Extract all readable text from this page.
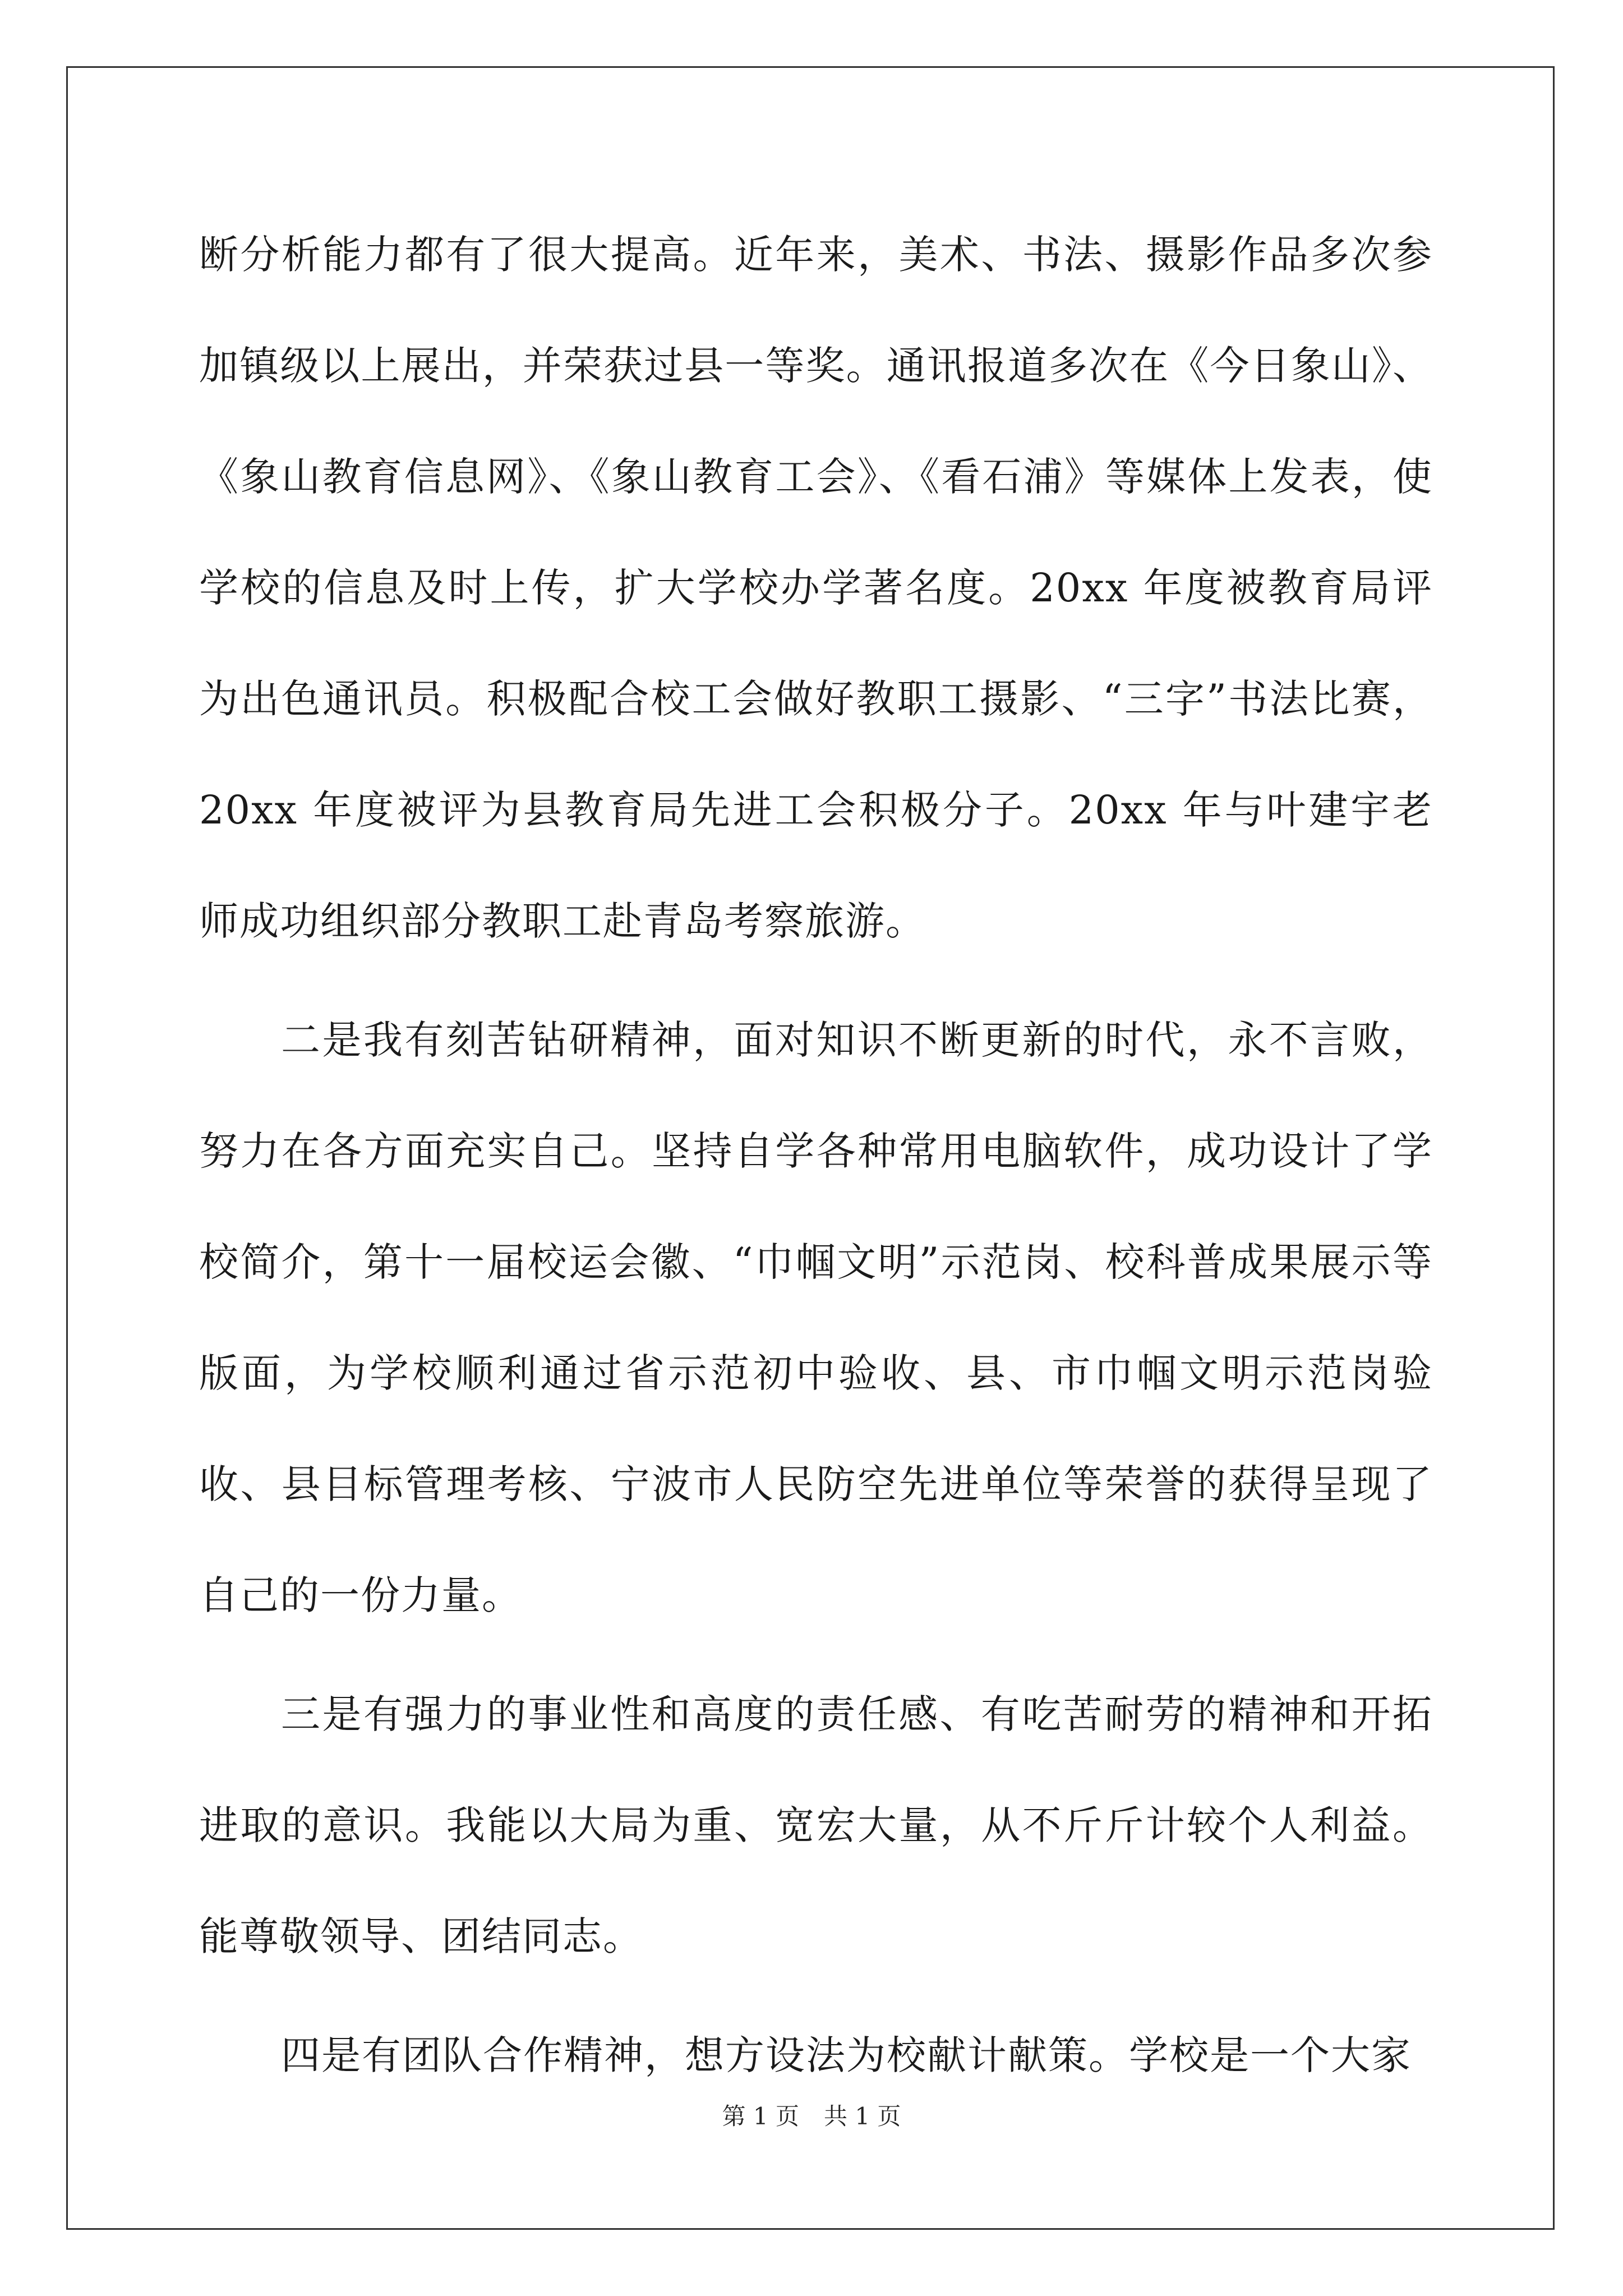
断分析能力都有了很大提高。近年来，美术、书法、摄影作品多次参加镇级以上展出，并荣获过县一等奖。通讯报道多次在《今日象山》、《象山教育信息网》、《象山教育工会》、《看石浦》等媒体上发表，使学校的信息及时上传，扩大学校办学著名度。20xx 年度被教育局评为出色通讯员。积极配合校工会做好教职工摄影、“三字”书法比赛，20xx 年度被评为县教育局先进工会积极分子。20xx 年与叶建宇老师成功组织部分教职工赴青岛考察旅游。

二是我有刻苦钻研精神，面对知识不断更新的时代，永不言败，努力在各方面充实自己。坚持自学各种常用电脑软件，成功设计了学校简介，第十一届校运会徽、“巾帼文明”示范岗、校科普成果展示等版面，为学校顺利通过省示范初中验收、县、市巾帼文明示范岗验收、县目标管理考核、宁波市人民防空先进单位等荣誉的获得呈现了自己的一份力量。

三是有强力的事业性和高度的责任感、有吃苦耐劳的精神和开拓进取的意识。我能以大局为重、宽宏大量，从不斤斤计较个人利益。能尊敬领导、团结同志。

四是有团队合作精神，想方设法为校献计献策。学校是一个大家

第 1 页 共 1 页
